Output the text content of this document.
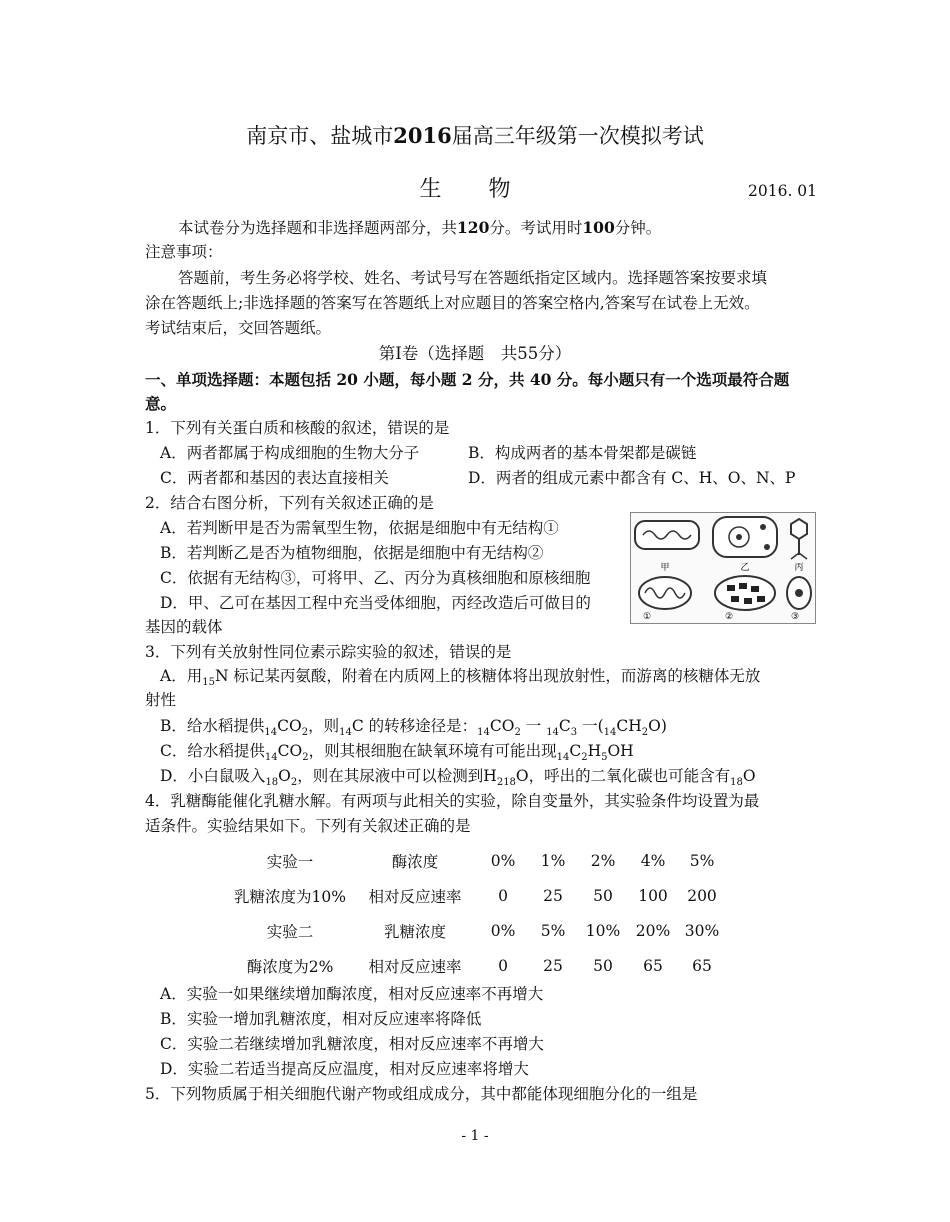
南京市、盐城市2016届高三年级第一次模拟考试
生 物	2016. 01
本试卷分为选择题和非选择题两部分，共120分。考试用时100分钟。
注意事项：
答题前，考生务必将学校、姓名、考试号写在答题纸指定区域内。选择题答案按要求填
涂在答题纸上;非选择题的答案写在答题纸上对应题目的答案空格内,答案写在试卷上无效。
考试结束后，交回答题纸。
第Ⅰ卷（选择题　共55分）
一、单项选择题：本题包括 20 小题，每小题 2 分，共 40 分。每小题只有一个选项最符合题
意。
1．下列有关蛋白质和核酸的叙述，错误的是
A．两者都属于构成细胞的生物大分子	B．构成两者的基本骨架都是碳链
C．两者都和基因的表达直接相关	D．两者的组成元素中都含有 C、H、O、N、P
2．结合右图分析，下列有关叙述正确的是
A．若判断甲是否为需氧型生物，依据是细胞中有无结构①
B．若判断乙是否为植物细胞，依据是细胞中有无结构②
C．依据有无结构③，可将甲、乙、丙分为真核细胞和原核细胞
D．甲、乙可在基因工程中充当受体细胞，丙经改造后可做目的
基因的载体
甲	乙	丙
①	②	③
3．下列有关放射性同位素示踪实验的叙述，错误的是
A．用$_{15}$N 标记某丙氨酸，附着在内质网上的核糖体将出现放射性，而游离的核糖体无放
射性
B．给水稻提供$_{14}CO_2$，则$_{14}$C 的转移途径是：$_{14}CO_2$ 一 $_{14}C_3$ 一$(_{14}CH_2O)$
C．给水稻提供$_{14}CO_2$，则其根细胞在缺氧环境有可能出现$_{14}C_2H_5OH$
D．小白鼠吸入$_{18}O_2$，则在其尿液中可以检测到$H_{218}O$，呼出的二氧化碳也可能含有$_{18}$O
4．乳糖酶能催化乳糖水解。有两项与此相关的实验，除自变量外，其实验条件均设置为最
适条件。实验结果如下。下列有关叙述正确的是
实验一	酶浓度	0%	1%	2%	4%	5%
乳糖浓度为10%	相对反应速率	0	25	50	100	200
实验二	乳糖浓度	0%	5%	10%	20%	30%
酶浓度为2%	相对反应速率	0	25	50	65	65
A．实验一如果继续增加酶浓度，相对反应速率不再增大
B．实验一增加乳糖浓度，相对反应速率将降低
C．实验二若继续增加乳糖浓度，相对反应速率不再增大
D．实验二若适当提高反应温度，相对反应速率将增大
5．下列物质属于相关细胞代谢产物或组成成分，其中都能体现细胞分化的一组是
- 1 -
